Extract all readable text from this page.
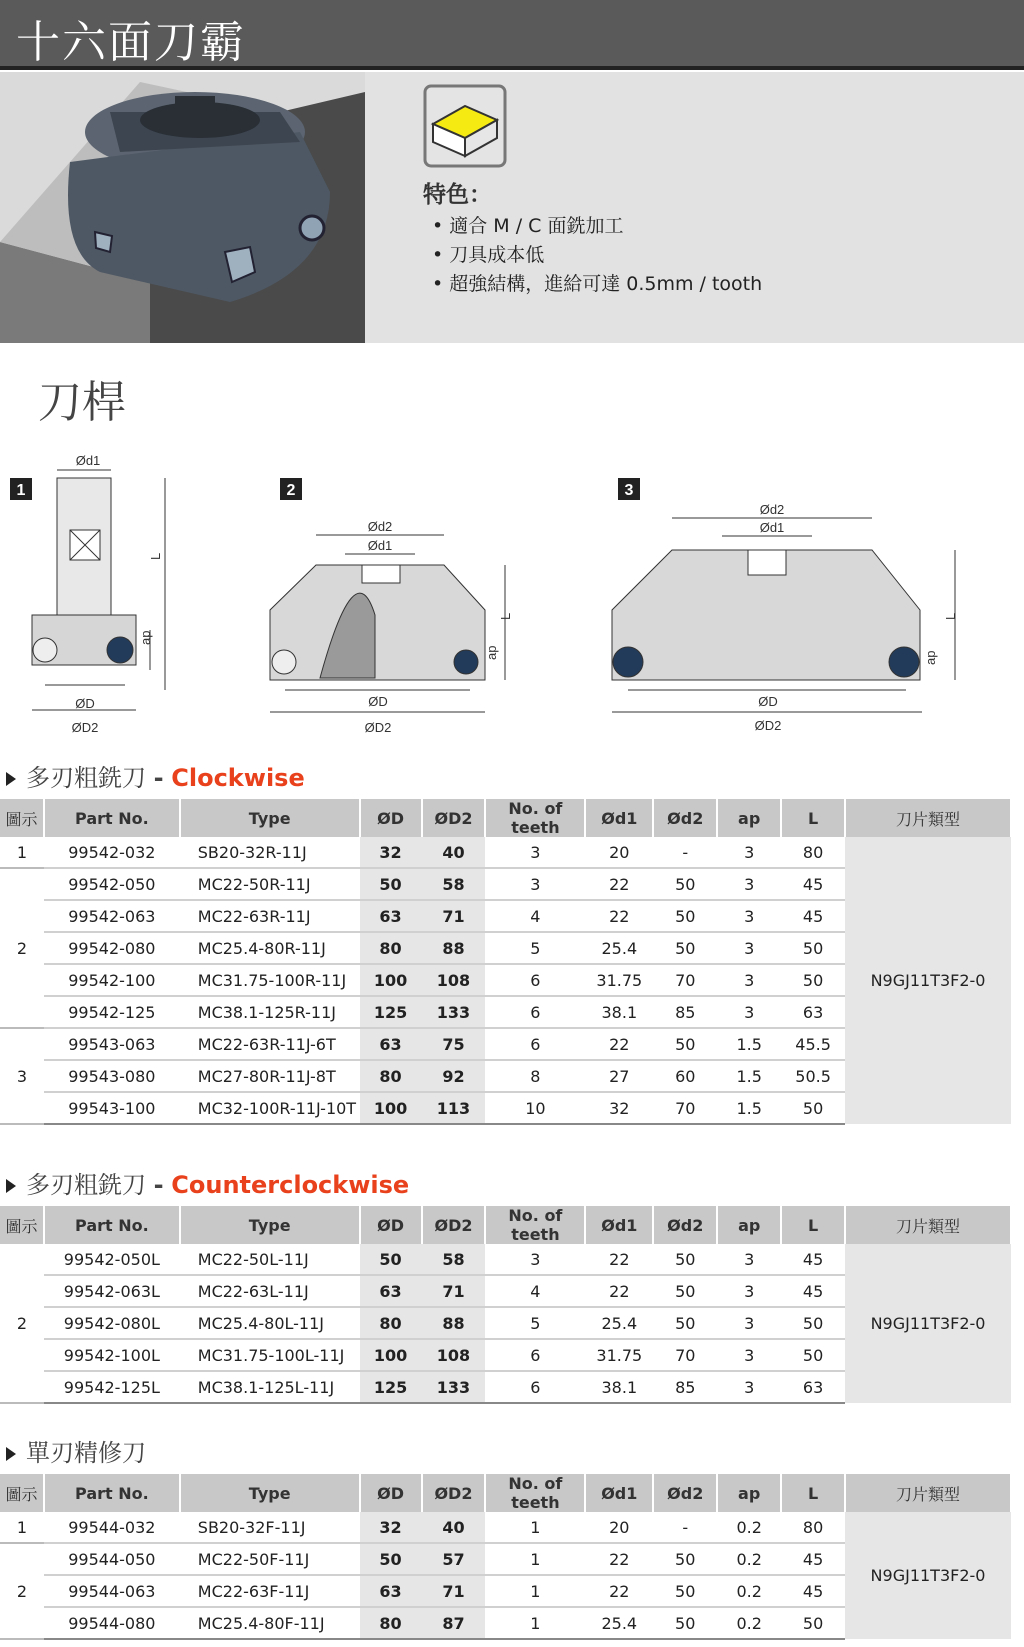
十六面刀霸
特色：
• 適合 M / C 面銑加工
• 刀具成本低
• 超強結構，進給可達 0.5mm / tooth
刀桿
1
Ød1
L
ap
ØD
ØD2
2
Ød2
Ød1
L
ap
ØD
ØD2
3
Ød2
Ød1
L
ap
ØD
ØD2
多刃粗銑刀 - Clockwise
圖示	Part No.	Type	ØD	ØD2	No. of teeth	Ød1	Ød2	ap	L	刀片類型
1	99542-032	SB20-32R-11J	32	40	3	20	-	3	80	N9GJ11T3F2-0
2	99542-050	MC22-50R-11J	50	58	3	22	50	3	45	
	99542-063	MC22-63R-11J	63	71	4	22	50	3	45	
	99542-080	MC25.4-80R-11J	80	88	5	25.4	50	3	50	
	99542-100	MC31.75-100R-11J	100	108	6	31.75	70	3	50	
	99542-125	MC38.1-125R-11J	125	133	6	38.1	85	3	63	
3	99543-063	MC22-63R-11J-6T	63	75	6	22	50	1.5	45.5	
	99543-080	MC27-80R-11J-8T	80	92	8	27	60	1.5	50.5	
	99543-100	MC32-100R-11J-10T	100	113	10	32	70	1.5	50	
多刃粗銑刀 - Counterclockwise
圖示	Part No.	Type	ØD	ØD2	No. of teeth	Ød1	Ød2	ap	L	刀片類型
2	99542-050L	MC22-50L-11J	50	58	3	22	50	3	45	N9GJ11T3F2-0
	99542-063L	MC22-63L-11J	63	71	4	22	50	3	45	
	99542-080L	MC25.4-80L-11J	80	88	5	25.4	50	3	50	
	99542-100L	MC31.75-100L-11J	100	108	6	31.75	70	3	50	
	99542-125L	MC38.1-125L-11J	125	133	6	38.1	85	3	63	
單刃精修刀
圖示	Part No.	Type	ØD	ØD2	No. of teeth	Ød1	Ød2	ap	L	刀片類型
1	99544-032	SB20-32F-11J	32	40	1	20	-	0.2	80	N9GJ11T3F2-0
2	99544-050	MC22-50F-11J	50	57	1	22	50	0.2	45	
	99544-063	MC22-63F-11J	63	71	1	22	50	0.2	45	
	99544-080	MC25.4-80F-11J	80	87	1	25.4	50	0.2	50	
